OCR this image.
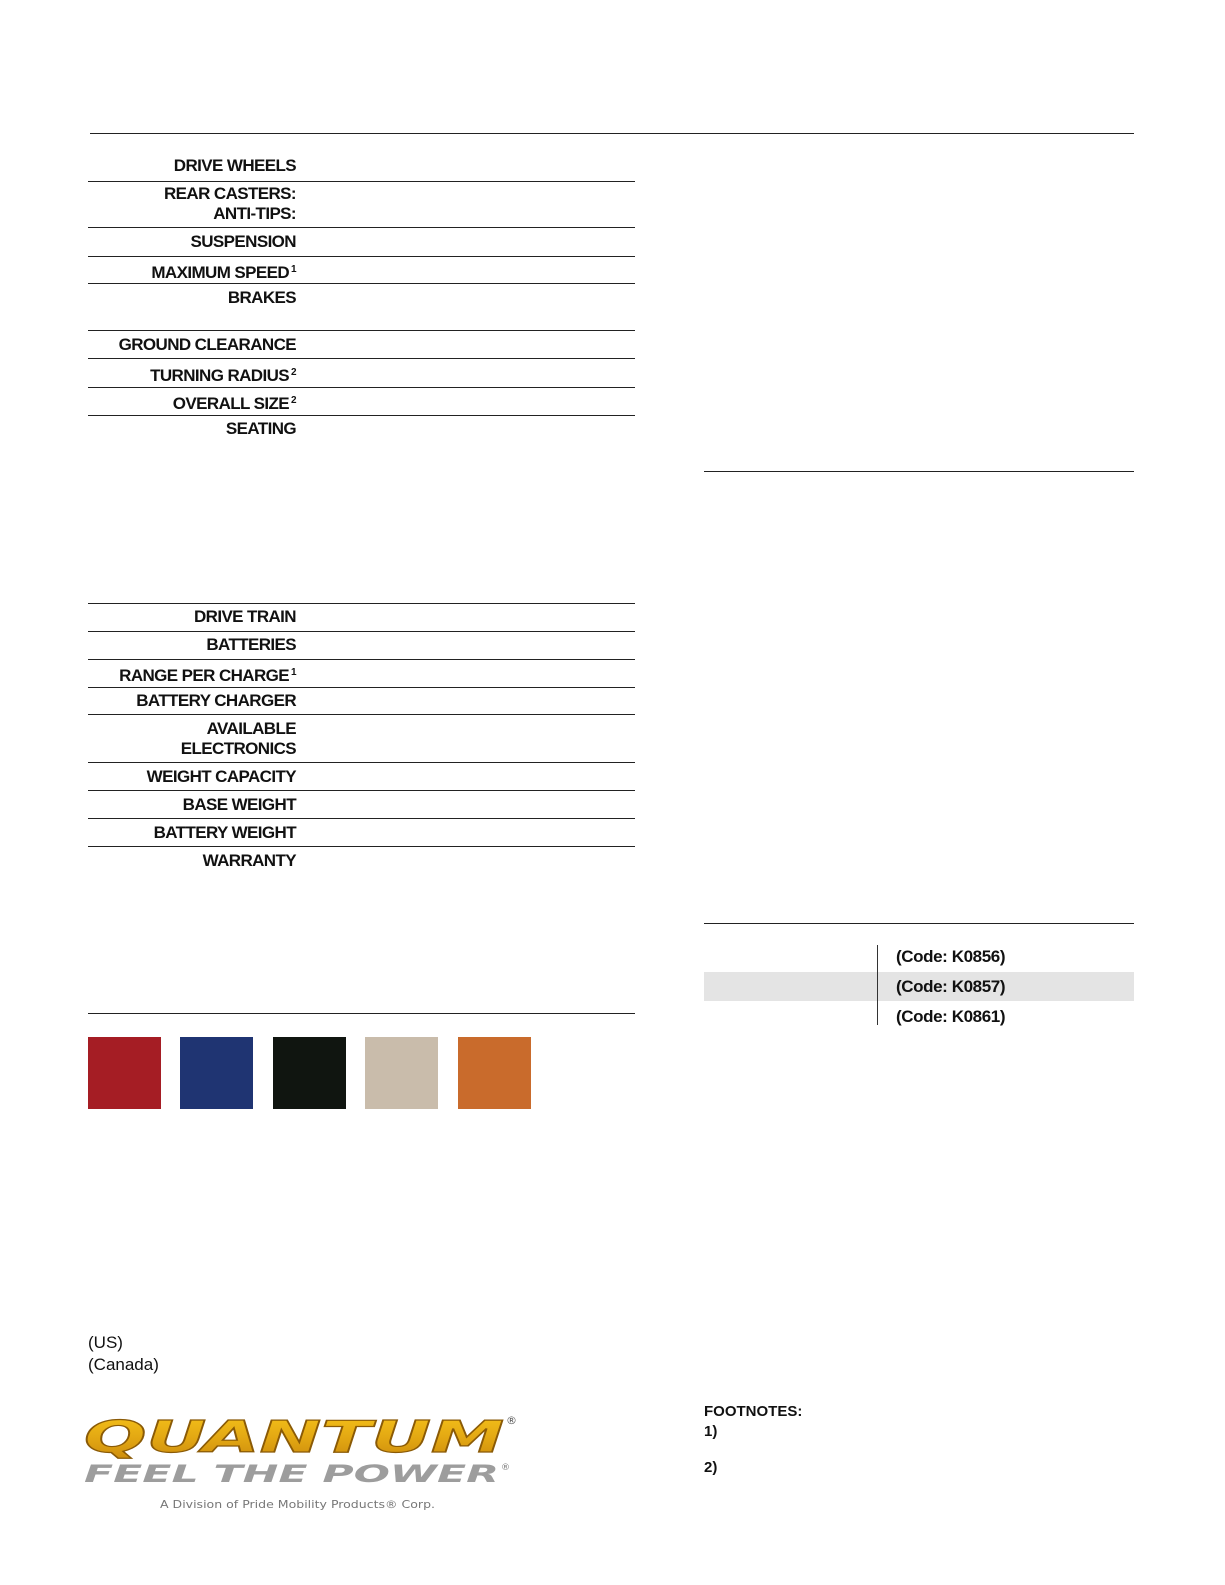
DRIVE WHEELS
REAR CASTERS:
ANTI-TIPS:
SUSPENSION
MAXIMUM SPEED $^1$
BRAKES
GROUND CLEARANCE
TURNING RADIUS $^2$
OVERALL SIZE $^2$
SEATING
DRIVE TRAIN
BATTERIES
RANGE PER CHARGE $^1$
BATTERY CHARGER
AVAILABLE
ELECTRONICS
WEIGHT CAPACITY
BASE WEIGHT
BATTERY WEIGHT
WARRANTY
(Code: K0856)
(Code: K0857)
(Code: K0861)
(US)
(Canada)
FOOTNOTES:
1)
2)
QUANTUM ®
FEEL THE POWER ®
A Division of Pride Mobility Products® Corp.
